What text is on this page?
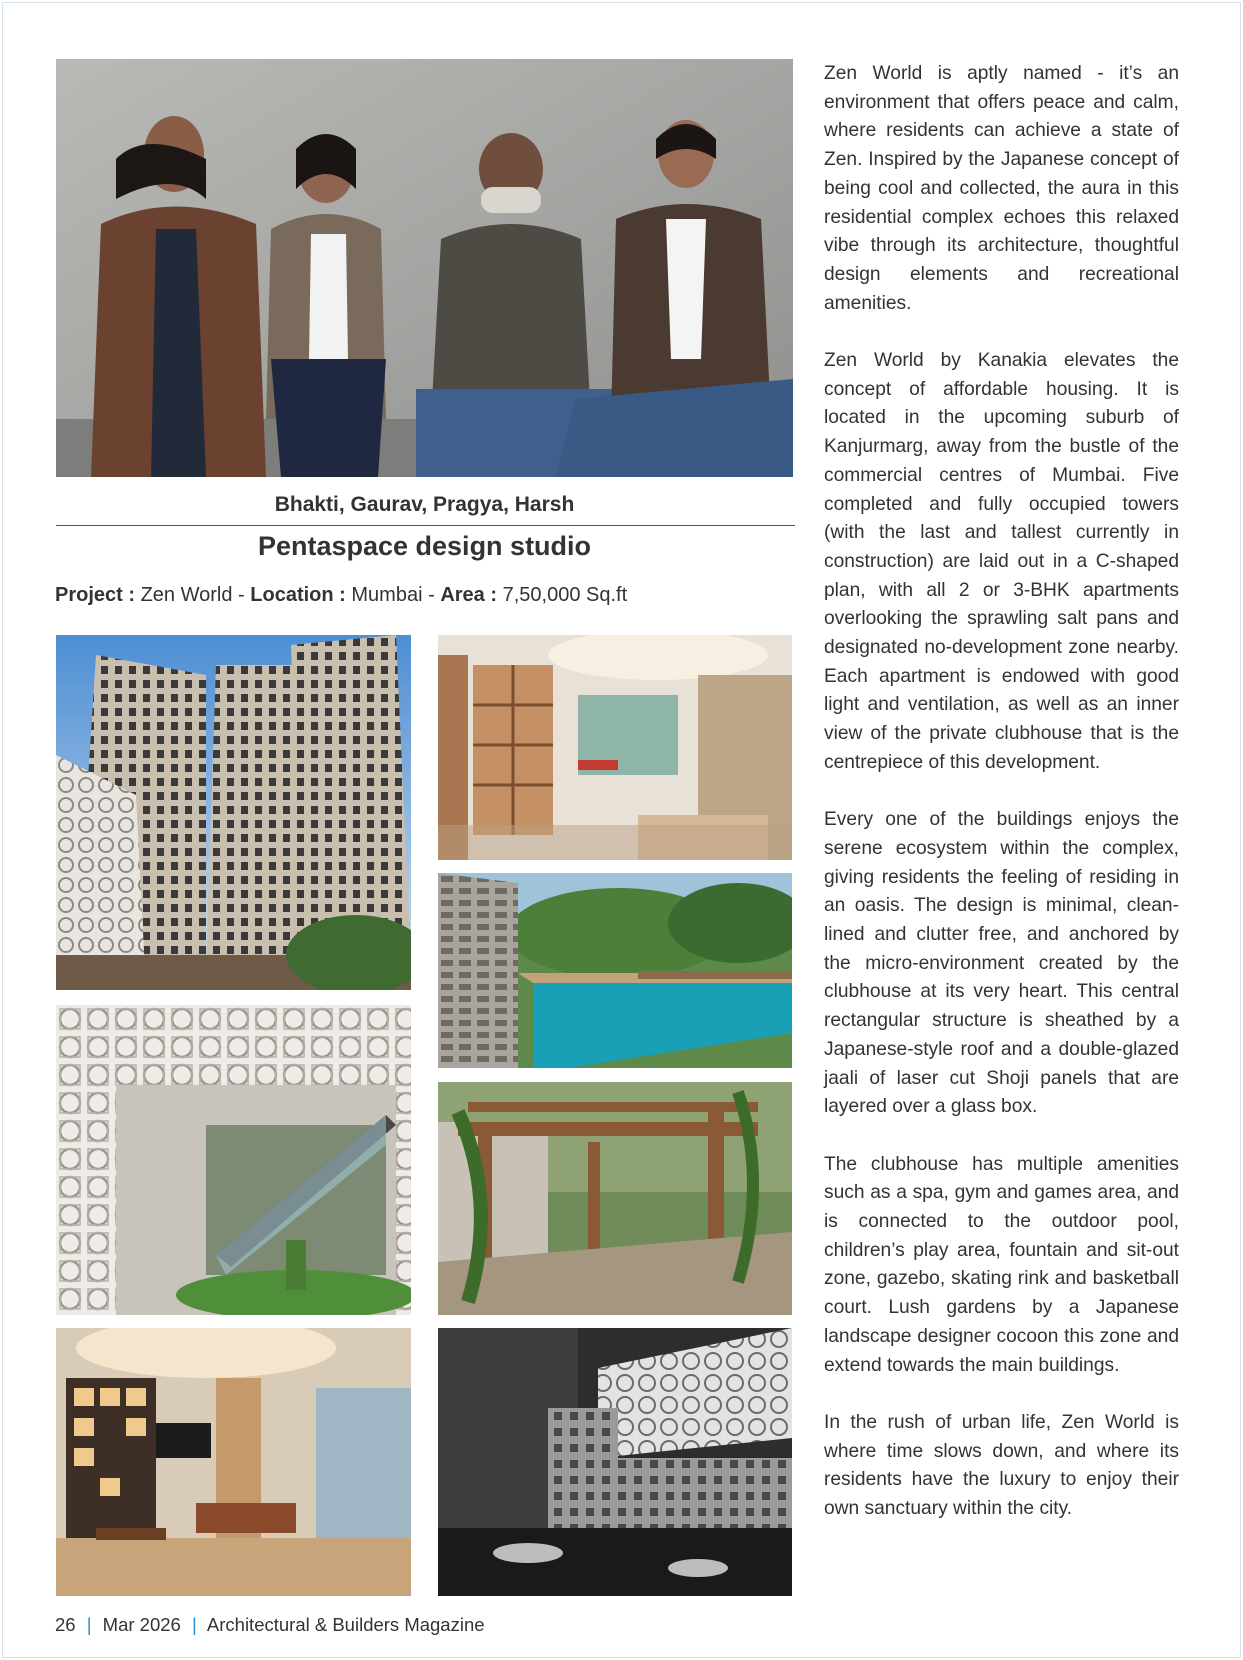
Bhakti, Gaurav, Pragya, Harsh
Pentaspace design studio
Project : Zen World - Location : Mumbai - Area : 7,50,000 Sq.ft

Zen World is aptly named - it’s an environment that offers peace and calm, where residents can achieve a state of Zen. Inspired by the Japanese concept of being cool and collected, the aura in this residential complex echoes this relaxed vibe through its architecture, thoughtful design elements and recreational amenities.

Zen World by Kanakia elevates the concept of affordable housing. It is located in the upcoming suburb of Kanjurmarg, away from the bustle of the commercial centres of Mumbai. Five completed and fully occupied towers (with the last and tallest currently in construction) are laid out in a C-shaped plan, with all 2 or 3-BHK apartments overlooking the sprawling salt pans and designated no-development zone nearby. Each apartment is endowed with good light and ventilation, as well as an inner view of the private clubhouse that is the centrepiece of this development.

Every one of the buildings enjoys the serene ecosystem within the complex, giving residents the feeling of residing in an oasis. The design is minimal, clean-lined and clutter free, and anchored by the micro-environment created by the clubhouse at its very heart. This central rectangular structure is sheathed by a Japanese-style roof and a double-glazed jaali of laser cut Shoji panels that are layered over a glass box.

The clubhouse has multiple amenities such as a spa, gym and games area, and is connected to the outdoor pool, children’s play area, fountain and sit-out zone, gazebo, skating rink and basketball court. Lush gardens by a Japanese landscape designer cocoon this zone and extend towards the main buildings.

In the rush of urban life, Zen World is where time slows down, and where its residents have the luxury to enjoy their own sanctuary within the city.

26 | Mar 2026 | Architectural & Builders Magazine
